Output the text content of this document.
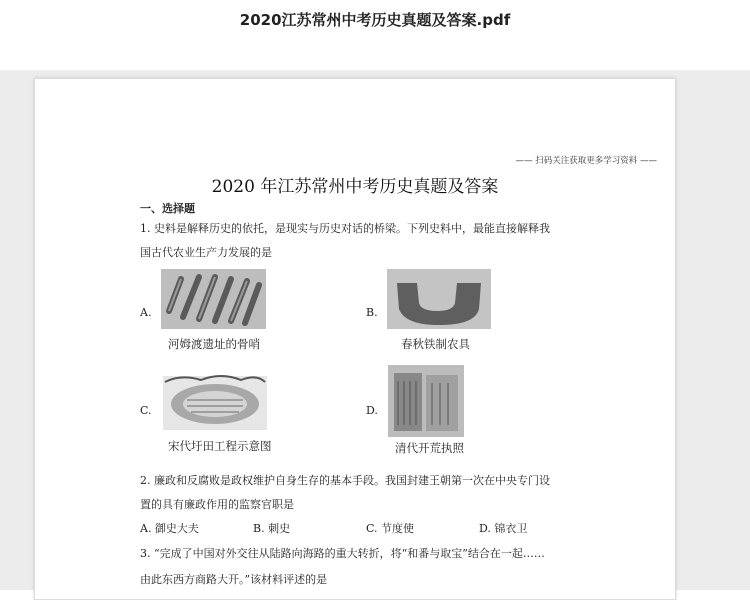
2020江苏常州中考历史真题及答案.pdf
—— 扫码关注获取更多学习资料 ——
2020 年江苏常州中考历史真题及答案
一、选择题
1. 史料是解释历史的依托，是现实与历史对话的桥梁。下列史料中，最能直接解释我
国古代农业生产力发展的是
A.
河姆渡遗址的骨哨
B.
春秋铁制农具
C.
宋代圩田工程示意图
D.
清代开荒执照
2. 廉政和反腐败是政权维护自身生存的基本手段。我国封建王朝第一次在中央专门设
置的具有廉政作用的监察官职是
A. 御史大夫	B. 刺史	C. 节度使	D. 锦衣卫
3. “完成了中国对外交往从陆路向海路的重大转折，将“和番与取宝”结合在一起……
由此东西方商路大开。”该材料评述的是
